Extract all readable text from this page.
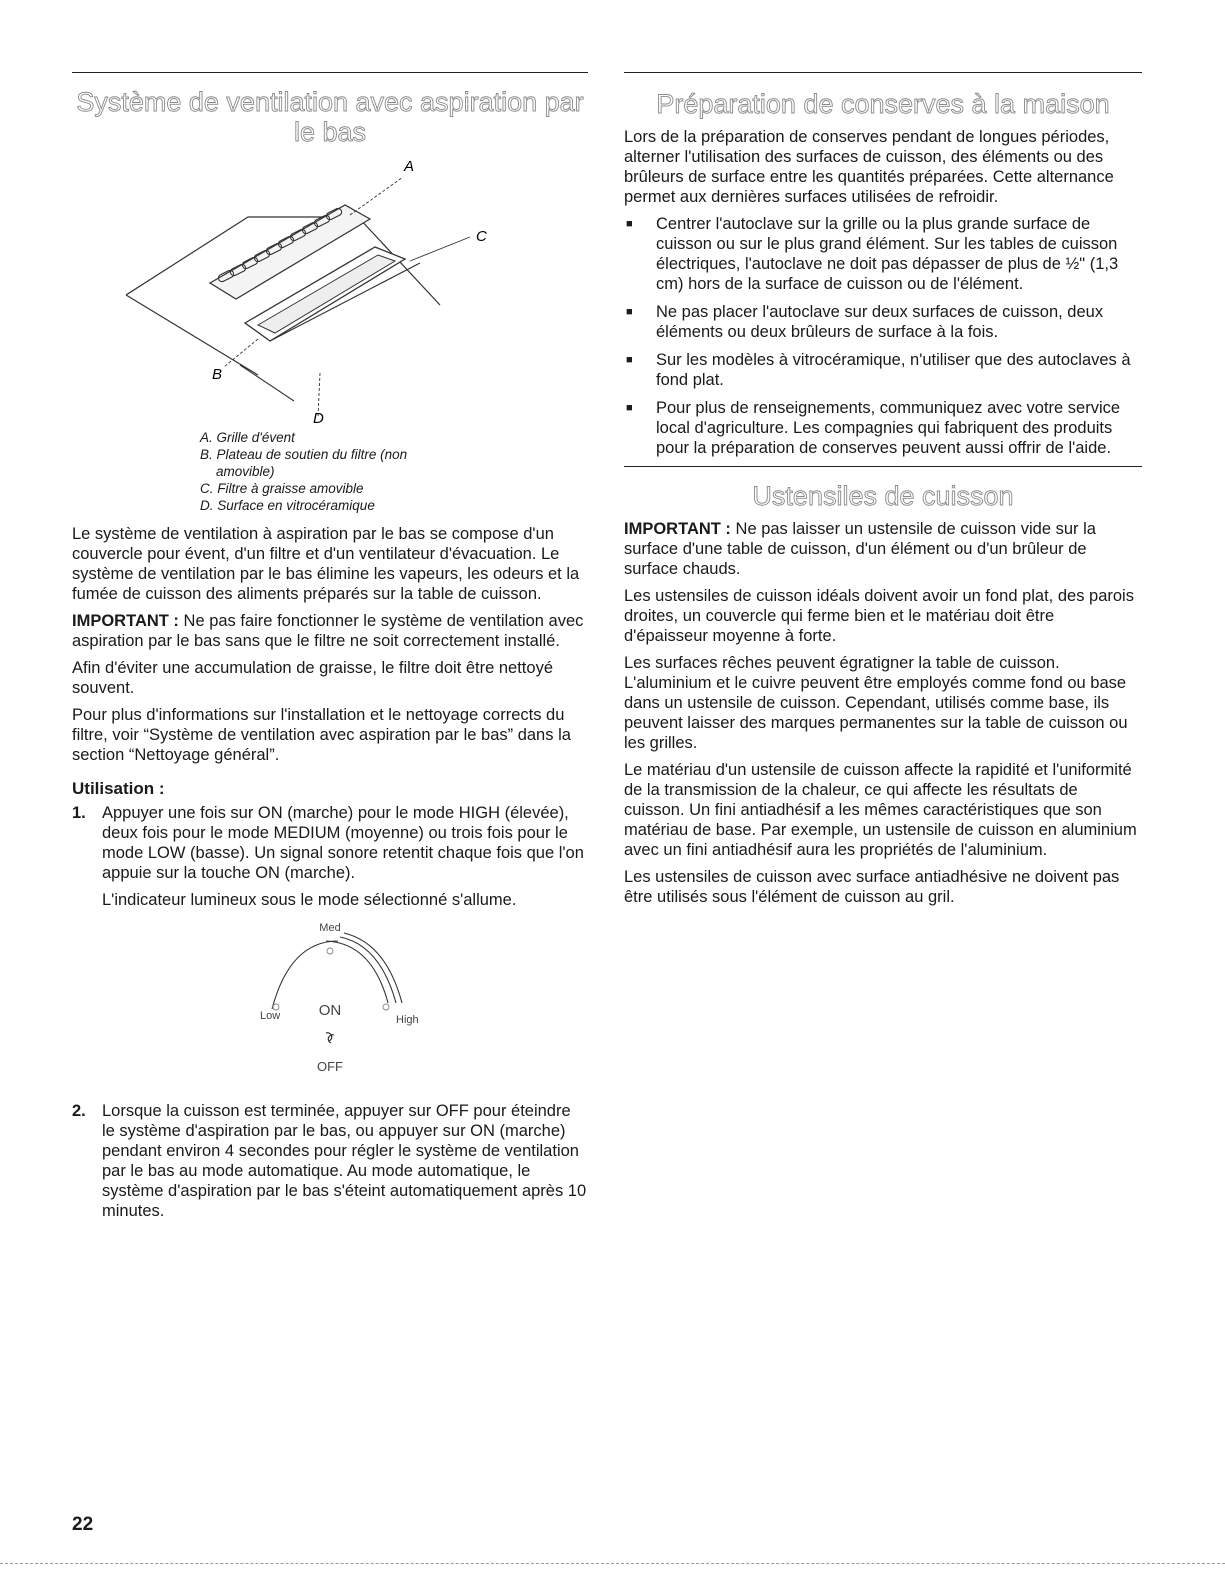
Système de ventilation avec aspiration par le bas
A
C
B
D
A. Grille d'évent
B. Plateau de soutien du filtre (non
amovible)
C. Filtre à graisse amovible
D. Surface en vitrocéramique

Le système de ventilation à aspiration par le bas se compose d'un couvercle pour évent, d'un filtre et d'un ventilateur d'évacuation. Le système de ventilation par le bas élimine les vapeurs, les odeurs et la fumée de cuisson des aliments préparés sur la table de cuisson.

IMPORTANT : Ne pas faire fonctionner le système de ventilation avec aspiration par le bas sans que le filtre ne soit correctement installé.

Afin d'éviter une accumulation de graisse, le filtre doit être nettoyé souvent.

Pour plus d'informations sur l'installation et le nettoyage corrects du filtre, voir “Système de ventilation avec aspiration par le bas” dans la section “Nettoyage général”.

Utilisation :
1. Appuyer une fois sur ON (marche) pour le mode HIGH (élevée), deux fois pour le mode MEDIUM (moyenne) ou trois fois pour le mode LOW (basse). Un signal sonore retentit chaque fois que l'on appuie sur la touche ON (marche).

L'indicateur lumineux sous le mode sélectionné s'allume.

Med
Low	ON
High
OFF
2. Lorsque la cuisson est terminée, appuyer sur OFF pour éteindre le système d'aspiration par le bas, ou appuyer sur ON (marche) pendant environ 4 secondes pour régler le système de ventilation par le bas au mode automatique. Au mode automatique, le système d'aspiration par le bas s'éteint automatiquement après 10 minutes.
Préparation de conserves à la maison

Lors de la préparation de conserves pendant de longues périodes, alterner l'utilisation des surfaces de cuisson, des éléments ou des brûleurs de surface entre les quantités préparées. Cette alternance permet aux dernières surfaces utilisées de refroidir.

■	Centrer l'autoclave sur la grille ou la plus grande surface de cuisson ou sur le plus grand élément. Sur les tables de cuisson électriques, l'autoclave ne doit pas dépasser de plus de ½" (1,3 cm) hors de la surface de cuisson ou de l'élément.
■	Ne pas placer l'autoclave sur deux surfaces de cuisson, deux éléments ou deux brûleurs de surface à la fois.
■	Sur les modèles à vitrocéramique, n'utiliser que des autoclaves à fond plat.
■	Pour plus de renseignements, communiquez avec votre service local d'agriculture. Les compagnies qui fabriquent des produits pour la préparation de conserves peuvent aussi offrir de l'aide.
Ustensiles de cuisson

IMPORTANT : Ne pas laisser un ustensile de cuisson vide sur la surface d'une table de cuisson, d'un élément ou d'un brûleur de surface chauds.

Les ustensiles de cuisson idéals doivent avoir un fond plat, des parois droites, un couvercle qui ferme bien et le matériau doit être d'épaisseur moyenne à forte.

Les surfaces rêches peuvent égratigner la table de cuisson. L'aluminium et le cuivre peuvent être employés comme fond ou base dans un ustensile de cuisson. Cependant, utilisés comme base, ils peuvent laisser des marques permanentes sur la table de cuisson ou les grilles.

Le matériau d'un ustensile de cuisson affecte la rapidité et l'uniformité de la transmission de la chaleur, ce qui affecte les résultats de cuisson. Un fini antiadhésif a les mêmes caractéristiques que son matériau de base. Par exemple, un ustensile de cuisson en aluminium avec un fini antiadhésif aura les propriétés de l'aluminium.

Les ustensiles de cuisson avec surface antiadhésive ne doivent pas être utilisés sous l'élément de cuisson au gril.

22
